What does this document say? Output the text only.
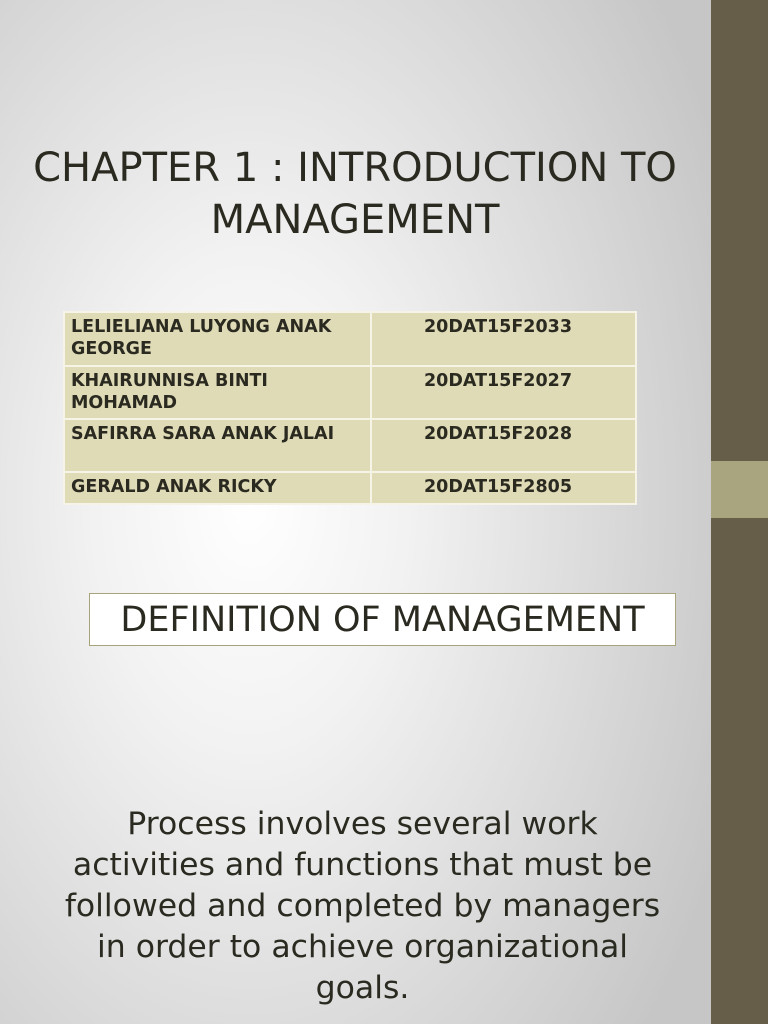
CHAPTER 1 : INTRODUCTION TO MANAGEMENT
LELIELIANA LUYONG ANAK GEORGE	20DAT15F2033
KHAIRUNNISA BINTI MOHAMAD	20DAT15F2027
SAFIRRA SARA ANAK JALAI	20DAT15F2028
GERALD ANAK RICKY	20DAT15F2805
DEFINITION OF MANAGEMENT

Process involves several work activities and functions that must be followed and completed by managers in order to achieve organizational goals.
